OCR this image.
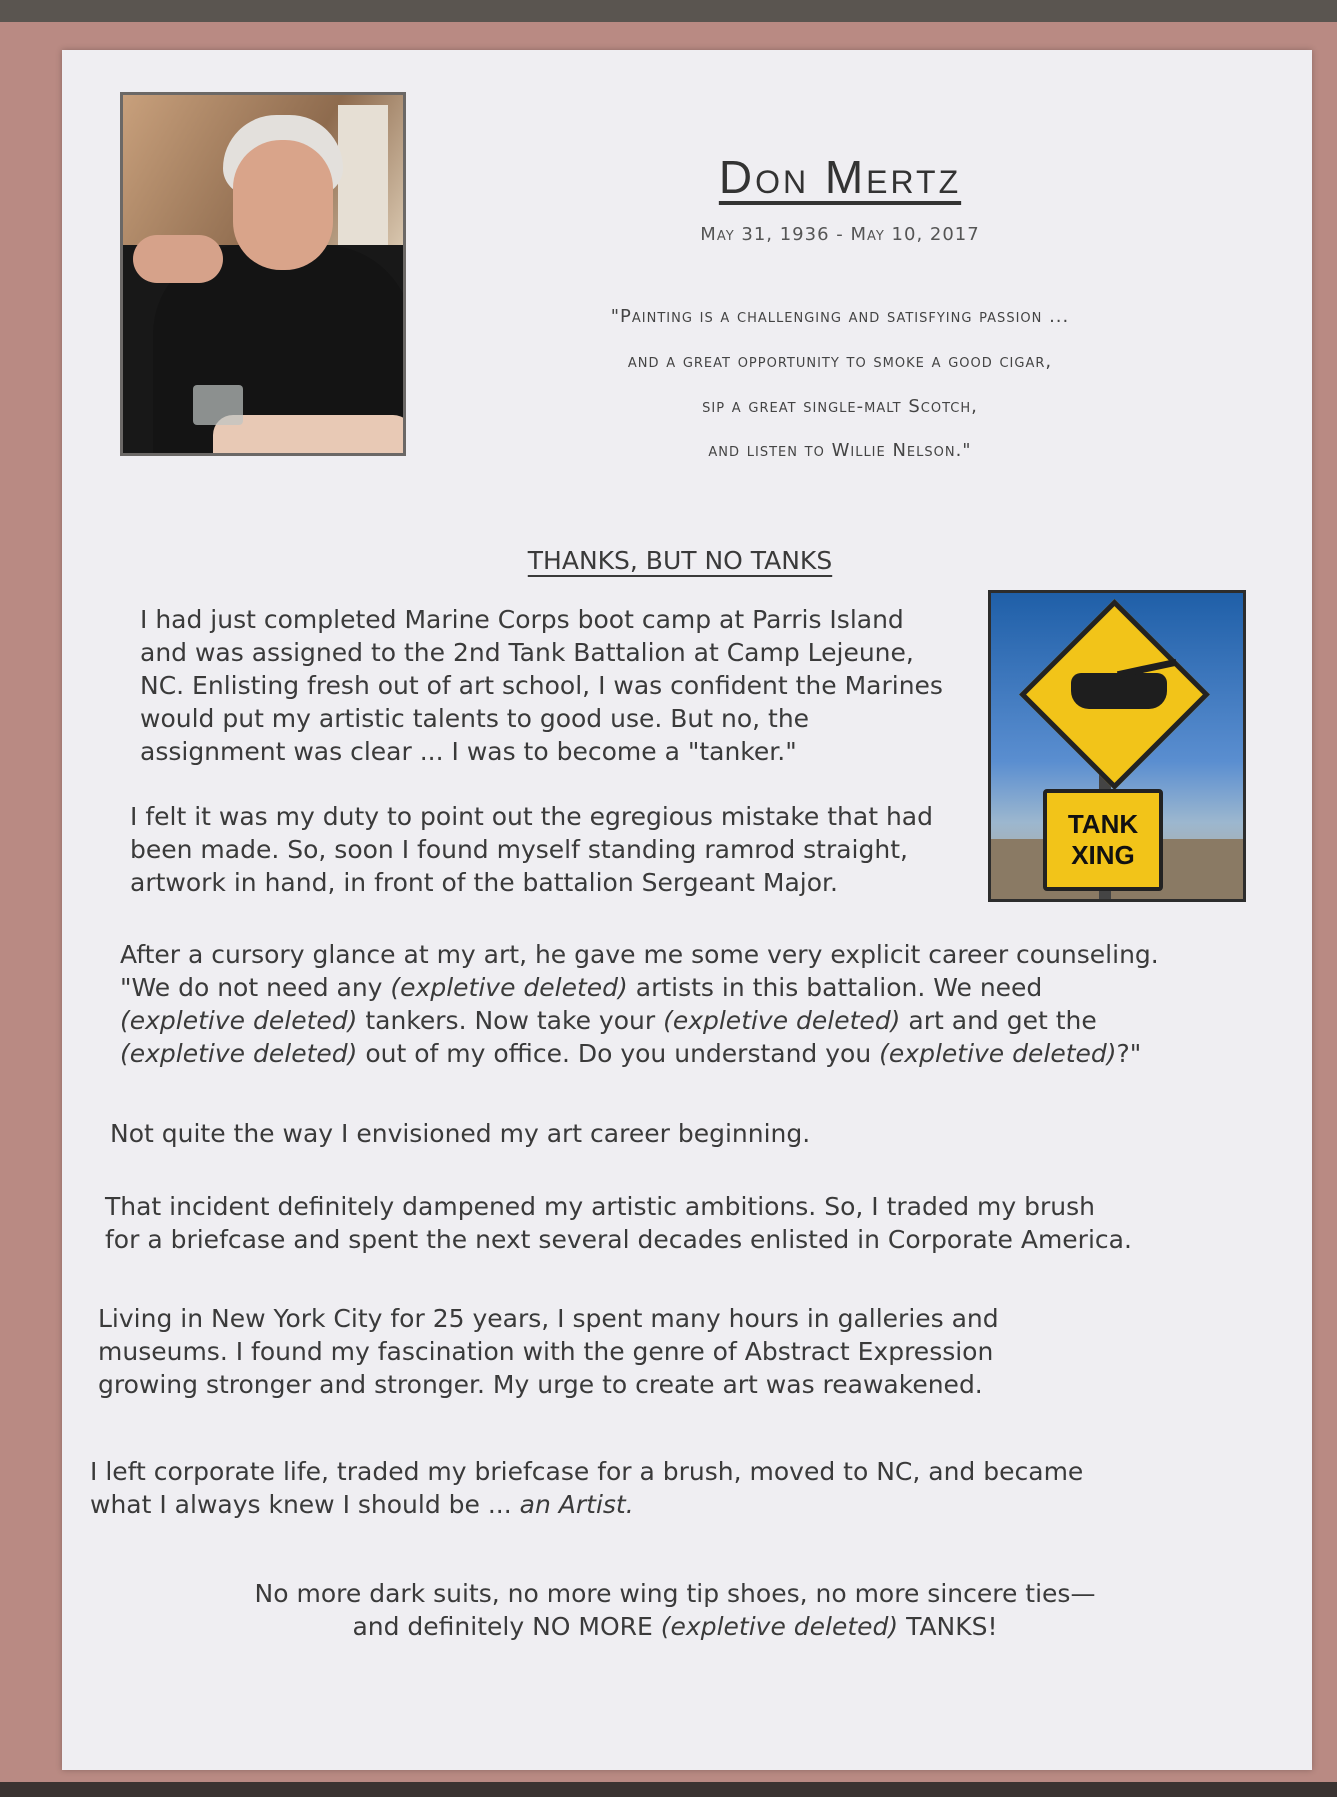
Don Mertz
May 31, 1936 - May 10, 2017
"Painting is a challenging and satisfying passion ...
and a great opportunity to smoke a good cigar,
sip a great single-malt Scotch,
and listen to Willie Nelson."
THANKS, BUT NO TANKS
TANK
XING

I had just completed Marine Corps boot camp at Parris Island
and was assigned to the 2nd Tank Battalion at Camp Lejeune,
NC. Enlisting fresh out of art school, I was confident the Marines
would put my artistic talents to good use. But no, the
assignment was clear ... I was to become a "tanker."

I felt it was my duty to point out the egregious mistake that had
been made. So, soon I found myself standing ramrod straight,
artwork in hand, in front of the battalion Sergeant Major.

After a cursory glance at my art, he gave me some very explicit career counseling.
"We do not need any (expletive deleted) artists in this battalion. We need
(expletive deleted) tankers. Now take your (expletive deleted) art and get the
(expletive deleted) out of my office. Do you understand you (expletive deleted)?"

Not quite the way I envisioned my art career beginning.

That incident definitely dampened my artistic ambitions. So, I traded my brush
for a briefcase and spent the next several decades enlisted in Corporate America.

Living in New York City for 25 years, I spent many hours in galleries and
museums. I found my fascination with the genre of Abstract Expression
growing stronger and stronger. My urge to create art was reawakened.

I left corporate life, traded my briefcase for a brush, moved to NC, and became
what I always knew I should be ... an Artist.

No more dark suits, no more wing tip shoes, no more sincere ties—
and definitely NO MORE (expletive deleted) TANKS!
